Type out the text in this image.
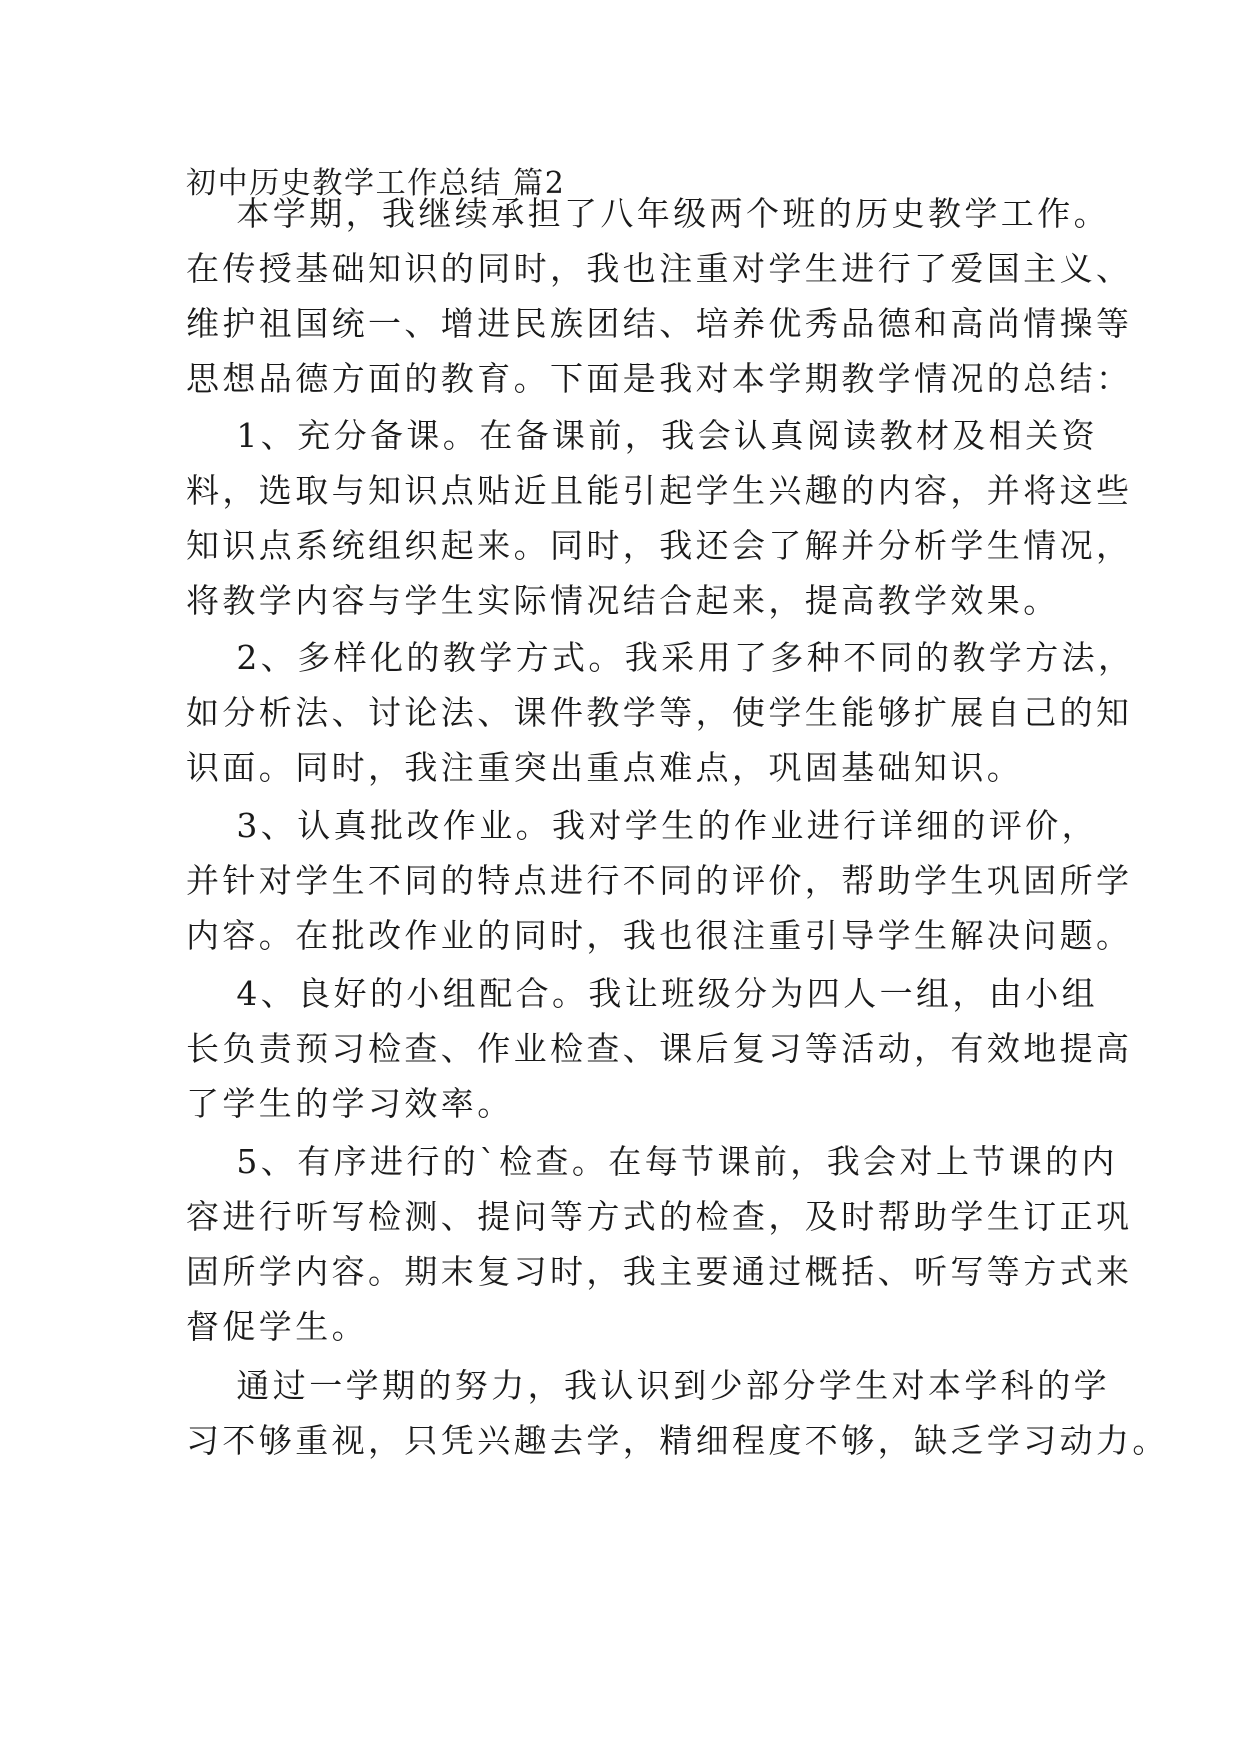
初中历史教学工作总结 篇2
　本学期，我继续承担了八年级两个班的历史教学工作。
在传授基础知识的同时，我也注重对学生进行了爱国主义、
维护祖国统一、增进民族团结、培养优秀品德和高尚情操等
思想品德方面的教育。下面是我对本学期教学情况的总结：
　1、充分备课。在备课前，我会认真阅读教材及相关资
料，选取与知识点贴近且能引起学生兴趣的内容，并将这些
知识点系统组织起来。同时，我还会了解并分析学生情况，
将教学内容与学生实际情况结合起来，提高教学效果。
　2、多样化的教学方式。我采用了多种不同的教学方法，
如分析法、讨论法、课件教学等，使学生能够扩展自己的知
识面。同时，我注重突出重点难点，巩固基础知识。
　3、认真批改作业。我对学生的作业进行详细的评价，
并针对学生不同的特点进行不同的评价，帮助学生巩固所学
内容。在批改作业的同时，我也很注重引导学生解决问题。
　4、良好的小组配合。我让班级分为四人一组，由小组
长负责预习检查、作业检查、课后复习等活动，有效地提高
了学生的学习效率。
　5、有序进行的`检查。在每节课前，我会对上节课的内
容进行听写检测、提问等方式的检查，及时帮助学生订正巩
固所学内容。期末复习时，我主要通过概括、听写等方式来
督促学生。
　通过一学期的努力，我认识到少部分学生对本学科的学
习不够重视，只凭兴趣去学，精细程度不够，缺乏学习动力。
